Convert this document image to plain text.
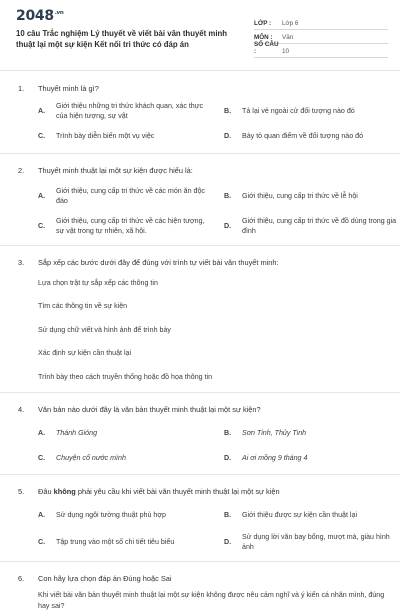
$2048^{.vn}$
10 câu Trắc nghiệm Lý thuyết về viết bài văn thuyết minh thuật lại một sự kiện Kết nối tri thức có đáp án
LỚP :	Lớp 6
MÔN :	Văn
SỐ CÂU :	10
1.	Thuyết minh là gì?
A.
Giới thiệu những tri thức khách quan, xác thực của hiện tượng, sự vật
B.	Tả lại vẻ ngoài cử đối tượng nào đó
C.	Trình bày diễn biến một vụ việc	D.	Bày tỏ quan điểm về đối tượng nào đó
2.	Thuyết minh thuật lại một sự kiện được hiểu là:
A.
Giới thiệu, cung cấp tri thức về các món ăn độc đáo
B.	Giới thiệu, cung cấp tri thức về lễ hội
C.
Giới thiệu, cung cấp tri thức về các hiện tượng, sự vật trong tự nhiên, xã hội.
D.
Giới thiệu, cung cấp tri thức về đồ dùng trong gia đình
3.	Sắp xếp các bước dưới đây để đúng với trình tự viết bài văn thuyết minh:
Lựa chọn trật tự sắp xếp các thông tin
Tìm các thông tin về sự kiện
Sử dụng chữ viết và hình ảnh để trình bày
Xác định sự kiện cần thuật lại
Trình bày theo cách truyền thống hoặc đồ họa thông tin
4.	Văn bản nào dưới đây là văn bản thuyết minh thuật lại một sự kiện?
A.	Thánh Gióng	B.	Sơn Tinh, Thủy Tinh
C.	Chuyện cổ nước mình	D.	Ai ơi mồng 9 tháng 4
5.	Đâu không phải yêu cầu khi viết bài văn thuyết minh thuật lại một sự kiện
A.	Sử dụng ngôi tường thuật phù hợp	B.	Giới thiệu được sự kiện cần thuật lại
C.	Tập trung vào một số chi tiết tiêu biểu	D.
Sử dụng lời văn bay bổng, mượt mà, giàu hình ảnh
6.	Con hãy lựa chọn đáp án Đúng hoặc Sai
Khi viết bài văn bản thuyết minh thuật lại một sự kiện không được nêu cảm nghĩ và ý kiến cá nhân mình, đúng hay sai?
